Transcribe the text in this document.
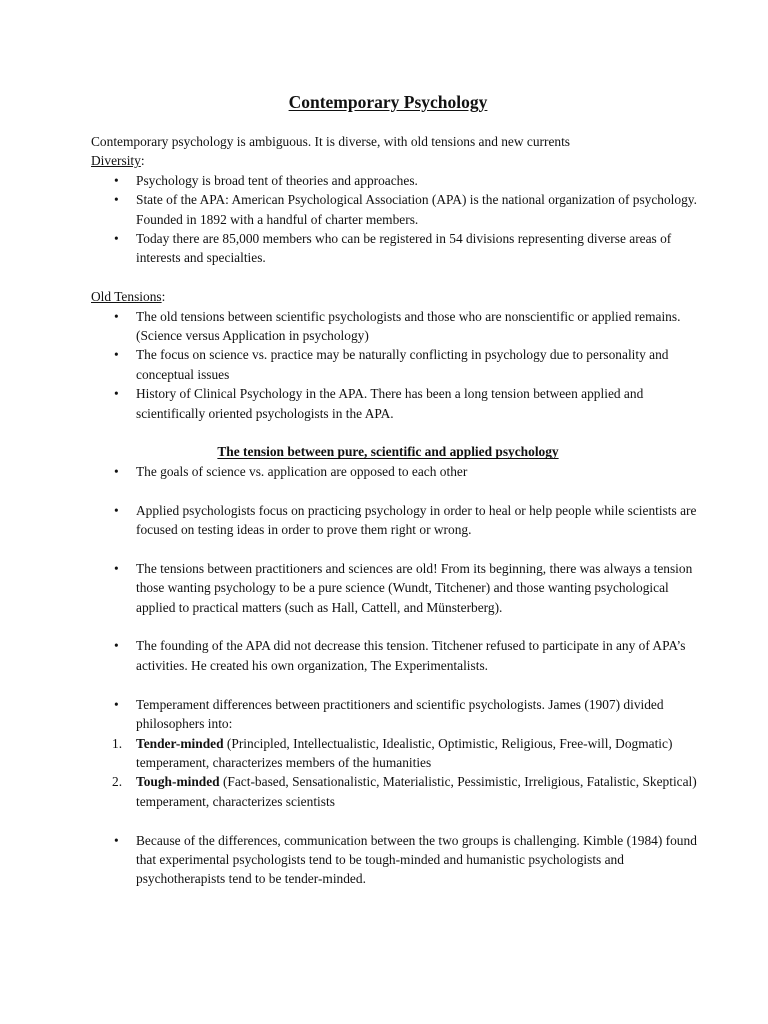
Contemporary Psychology

Contemporary psychology is ambiguous. It is diverse, with old tensions and new currents

Diversity:

• Psychology is broad tent of theories and approaches.
• State of the APA: American Psychological Association (APA) is the national organization of psychology. Founded in 1892 with a handful of charter members.
• Today there are 85,000 members who can be registered in 54 divisions representing diverse areas of interests and specialties.

Old Tensions:

• The old tensions between scientific psychologists and those who are nonscientific or applied remains. (Science versus Application in psychology)
• The focus on science vs. practice may be naturally conflicting in psychology due to personality and conceptual issues
• History of Clinical Psychology in the APA. There has been a long tension between applied and scientifically oriented psychologists in the APA.

The tension between pure, scientific and applied psychology

• The goals of science vs. application are opposed to each other
• Applied psychologists focus on practicing psychology in order to heal or help people while scientists are focused on testing ideas in order to prove them right or wrong.
• The tensions between practitioners and sciences are old! From its beginning, there was always a tension those wanting psychology to be a pure science (Wundt, Titchener) and those wanting psychological applied to practical matters (such as Hall, Cattell, and Münsterberg).
• The founding of the APA did not decrease this tension. Titchener refused to participate in any of APA’s activities. He created his own organization, The Experimentalists.
• Temperament differences between practitioners and scientific psychologists. James (1907) divided philosophers into:
1. Tender-minded (Principled, Intellectualistic, Idealistic, Optimistic, Religious, Free-will, Dogmatic) temperament, characterizes members of the humanities
2. Tough-minded (Fact-based, Sensationalistic, Materialistic, Pessimistic, Irreligious, Fatalistic, Skeptical) temperament, characterizes scientists
• Because of the differences, communication between the two groups is challenging. Kimble (1984) found that experimental psychologists tend to be tough-minded and humanistic psychologists and psychotherapists tend to be tender-minded.
